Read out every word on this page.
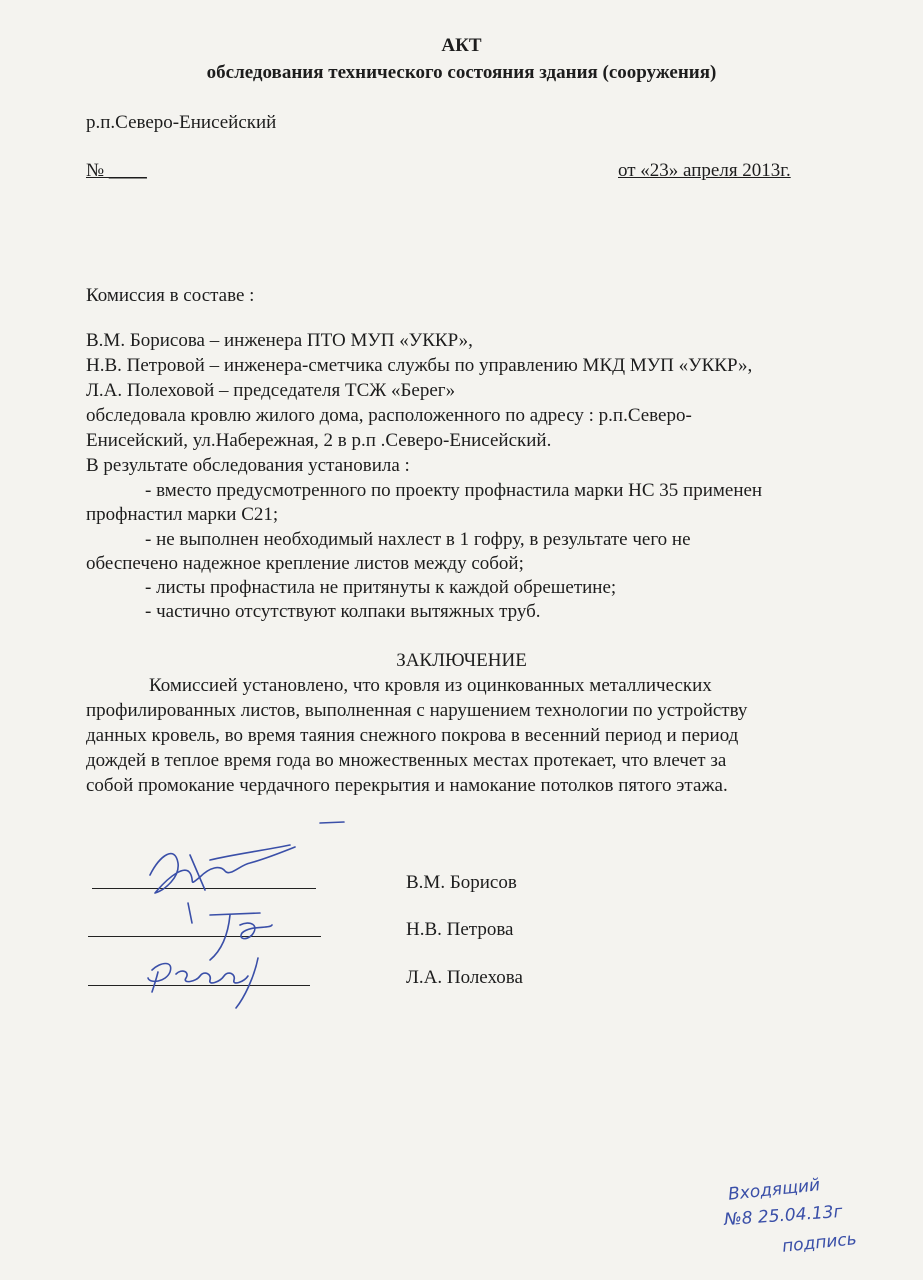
АКТ
обследования технического состояния здания (сооружения)
р.п.Северо-Енисейский
№ ____	от «23» апреля 2013г.
Комиссия в составе :
В.М. Борисова – инженера ПТО МУП «УККР»,
Н.В. Петровой – инженера-сметчика службы по управлению МКД МУП «УККР»,
Л.А. Полеховой – председателя ТСЖ «Берег»
обследовала кровлю жилого дома, расположенного по адресу : р.п.Северо-
Енисейский, ул.Набережная, 2 в р.п .Северо-Енисейский.
В результате обследования установила :
- вместо предусмотренного по проекту профнастила марки НС 35 применен
профнастил марки С21;
- не выполнен необходимый нахлест в 1 гофру, в результате чего не
обеспечено надежное крепление листов между собой;
- листы профнастила не притянуты к каждой обрешетине;
- частично отсутствуют колпаки вытяжных труб.
ЗАКЛЮЧЕНИЕ
Комиссией установлено, что кровля из оцинкованных металлических
профилированных листов, выполненная с нарушением технологии по устройству
данных кровель, во время таяния снежного покрова в весенний период и период
дождей в теплое время года во множественных местах протекает, что влечет за
собой промокание чердачного перекрытия и намокание потолков пятого этажа.
В.М. Борисов
Н.В. Петрова
Л.А. Полехова
Входящий
№8 25.04.13г
подпись
